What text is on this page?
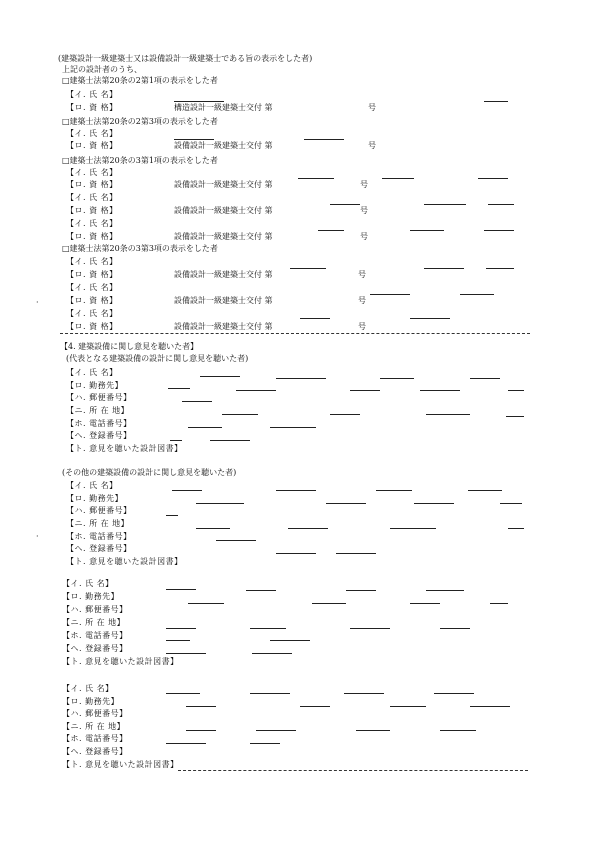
(建築設計一級建築士又は設備設計一級建築士である旨の表示をした者)
上記の設計者のうち、
□建築士法第20条の2第1項の表示をした者
【イ. 氏 名】
【ロ. 資 格】	構造設計一級建築士交付 第	号
□建築士法第20条の2第3項の表示をした者
【イ. 氏 名】
【ロ. 資 格】	設備設計一級建築士交付 第	号
□建築士法第20条の3第1項の表示をした者
【イ. 氏 名】
【ロ. 資 格】	設備設計一級建築士交付 第	号
【イ. 氏 名】
【ロ. 資 格】	設備設計一級建築士交付 第	号
【イ. 氏 名】
【ロ. 資 格】	設備設計一級建築士交付 第	号
□建築士法第20条の3第3項の表示をした者
【イ. 氏 名】
【ロ. 資 格】	設備設計一級建築士交付 第	号
【イ. 氏 名】
【ロ. 資 格】	設備設計一級建築士交付 第	号
【イ. 氏 名】
【ロ. 資 格】	設備設計一級建築士交付 第	号
【4. 建築設備に関し意見を聴いた者】
(代表となる建築設備の設計に関し意見を聴いた者)
【イ. 氏 名】
【ロ. 勤務先】
【ハ. 郵便番号】
【ニ. 所 在 地】
【ホ. 電話番号】
【ヘ. 登録番号】
【ト. 意見を聴いた設計図書】
(その他の建築設備の設計に関し意見を聴いた者)
【イ. 氏 名】
【ロ. 勤務先】
【ハ. 郵便番号】
【ニ. 所 在 地】
【ホ. 電話番号】
【ヘ. 登録番号】
【ト. 意見を聴いた設計図書】
【イ. 氏 名】
【ロ. 勤務先】
【ハ. 郵便番号】
【ニ. 所 在 地】
【ホ. 電話番号】
【ヘ. 登録番号】
【ト. 意見を聴いた設計図書】
【イ. 氏 名】
【ロ. 勤務先】
【ハ. 郵便番号】
【ニ. 所 在 地】
【ホ. 電話番号】
【ヘ. 登録番号】
【ト. 意見を聴いた設計図書】
·
·
